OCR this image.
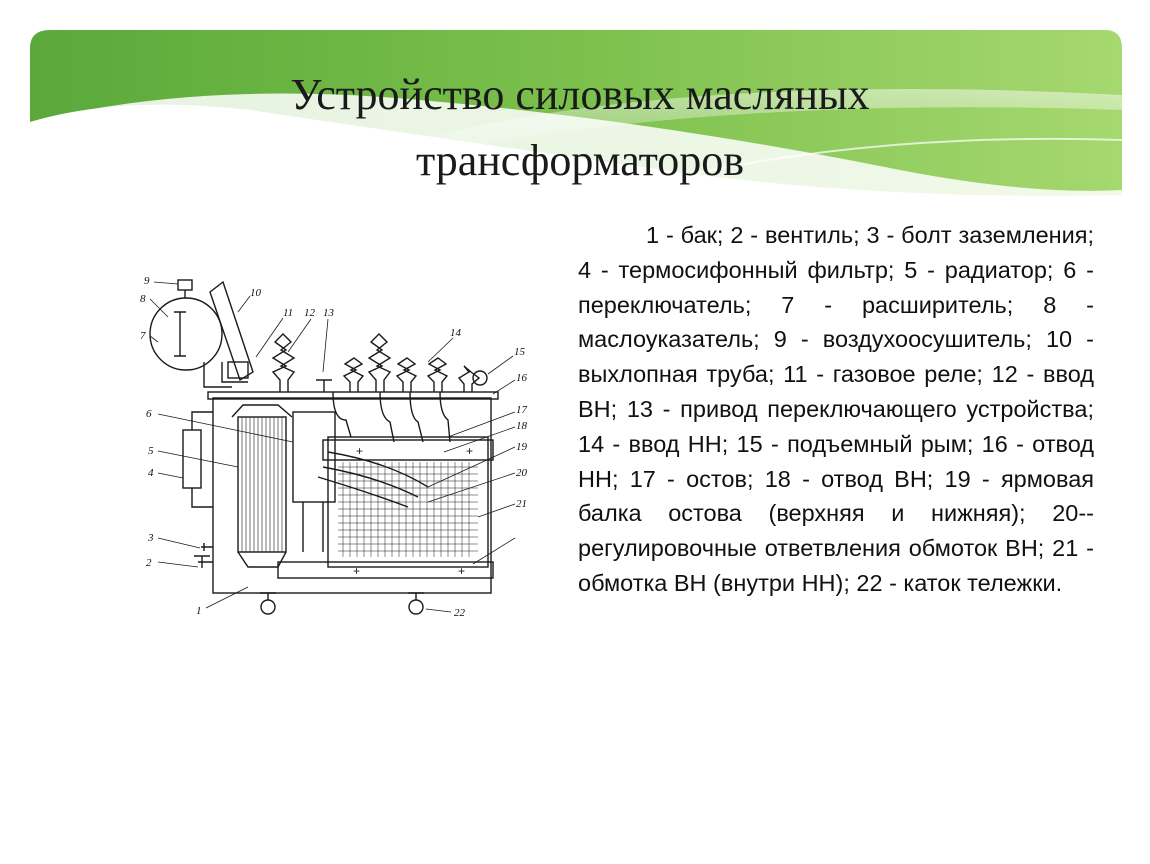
Устройство силовых масляных
трансформаторов
+	+
+	+
1
2
3
4
5
6
7
8
9
10
11 12 13
14
15
16
17
18
19
20
21
22

1 - бак; 2 - вентиль; 3 - болт заземления; 4 - термосифонный фильтр; 5 - радиатор; 6 - переключатель; 7 - расширитель; 8 - маслоуказатель; 9 - воздухоосушитель; 10 - выхлопная труба; 11 - газовое реле; 12 - ввод ВН; 13 - привод переключающего устройства; 14 - ввод НН; 15 - подъемный рым; 16 - отвод НН; 17 - остов; 18 - отвод ВН; 19 - ярмовая балка остова (верхняя и нижняя); 20-- регулировочные ответвления обмоток ВН; 21 - обмотка ВН (внутри НН); 22 - каток тележки.
